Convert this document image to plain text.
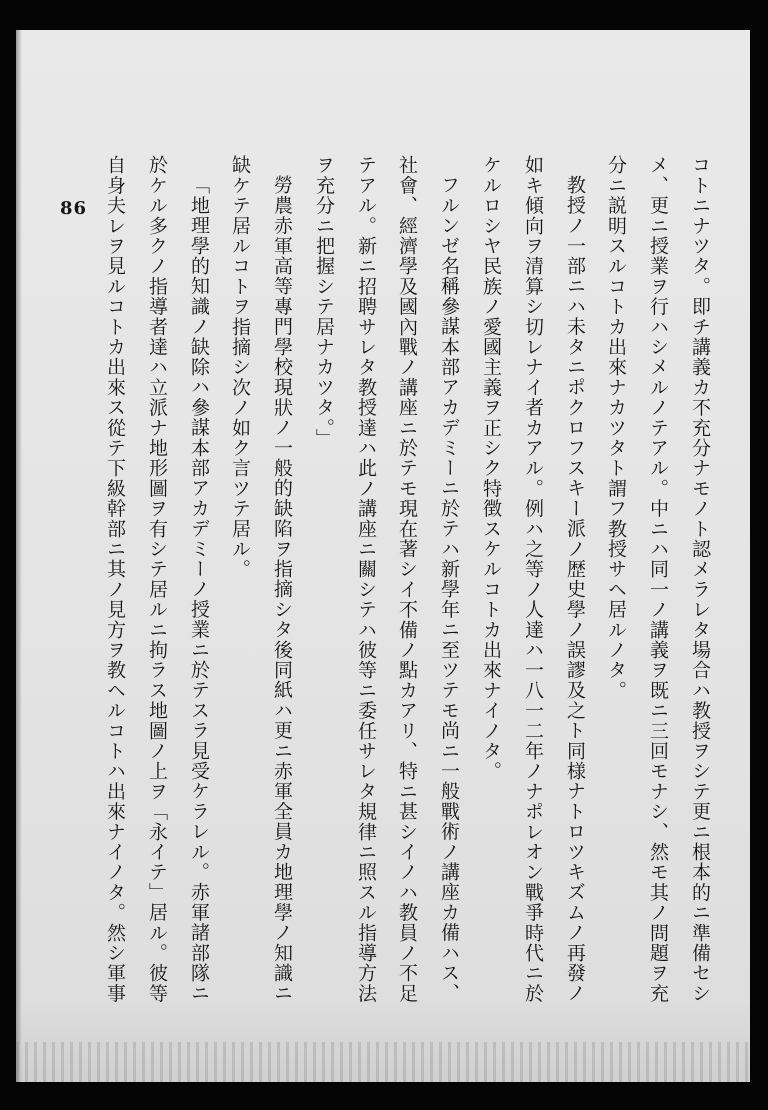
86	コトニナツタ。即チ講義カ不充分ナモノト認メラレタ場合ハ教授ヲシテ更ニ根本的ニ準備セシ
メ、更ニ授業ヲ行ハシメルノテアル。中ニハ同一ノ講義ヲ既ニ三回モナシ、然モ其ノ問題ヲ充
分ニ説明スルコトカ出來ナカツタト謂フ教授サヘ居ルノタ。
教授ノ一部ニハ未タニポクロフスキー派ノ歴史學ノ誤謬及之ト同様ナトロツキズムノ再發ノ
如キ傾向ヲ清算シ切レナイ者カアル。例ハ之等ノ人達ハ一八一二年ノナポレオン戰爭時代ニ於
ケルロシヤ民族ノ愛國主義ヲ正シク特徴スケルコトカ出來ナイノタ。
フルンゼ名稱參謀本部アカデミーニ於テハ新學年ニ至ツテモ尚ニ一般戰術ノ講座カ備ハス、
社會、經濟學及國內戰ノ講座ニ於テモ現在著シイ不備ノ點カアリ、特ニ甚シイノハ教員ノ不足
テアル。新ニ招聘サレタ教授達ハ此ノ講座ニ關シテハ彼等ニ委任サレタ規律ニ照スル指導方法
ヲ充分ニ把握シテ居ナカツタ。」
勞農赤軍高等專門學校現狀ノ一般的缺陷ヲ指摘シタ後同紙ハ更ニ赤軍全員カ地理學ノ知識ニ
缺ケテ居ルコトヲ指摘シ次ノ如ク言ツテ居ル。
「地理學的知識ノ缺除ハ參謀本部アカデミーノ授業ニ於テスラ見受ケラレル。赤軍諸部隊ニ
於ケル多クノ指導者達ハ立派ナ地形圖ヲ有シテ居ルニ拘ラス地圖ノ上ヲ「永イテ」居ル。彼等
自身夫レヲ見ルコトカ出來ス從テ下級幹部ニ其ノ見方ヲ教ヘルコトハ出來ナイノタ。然シ軍事
